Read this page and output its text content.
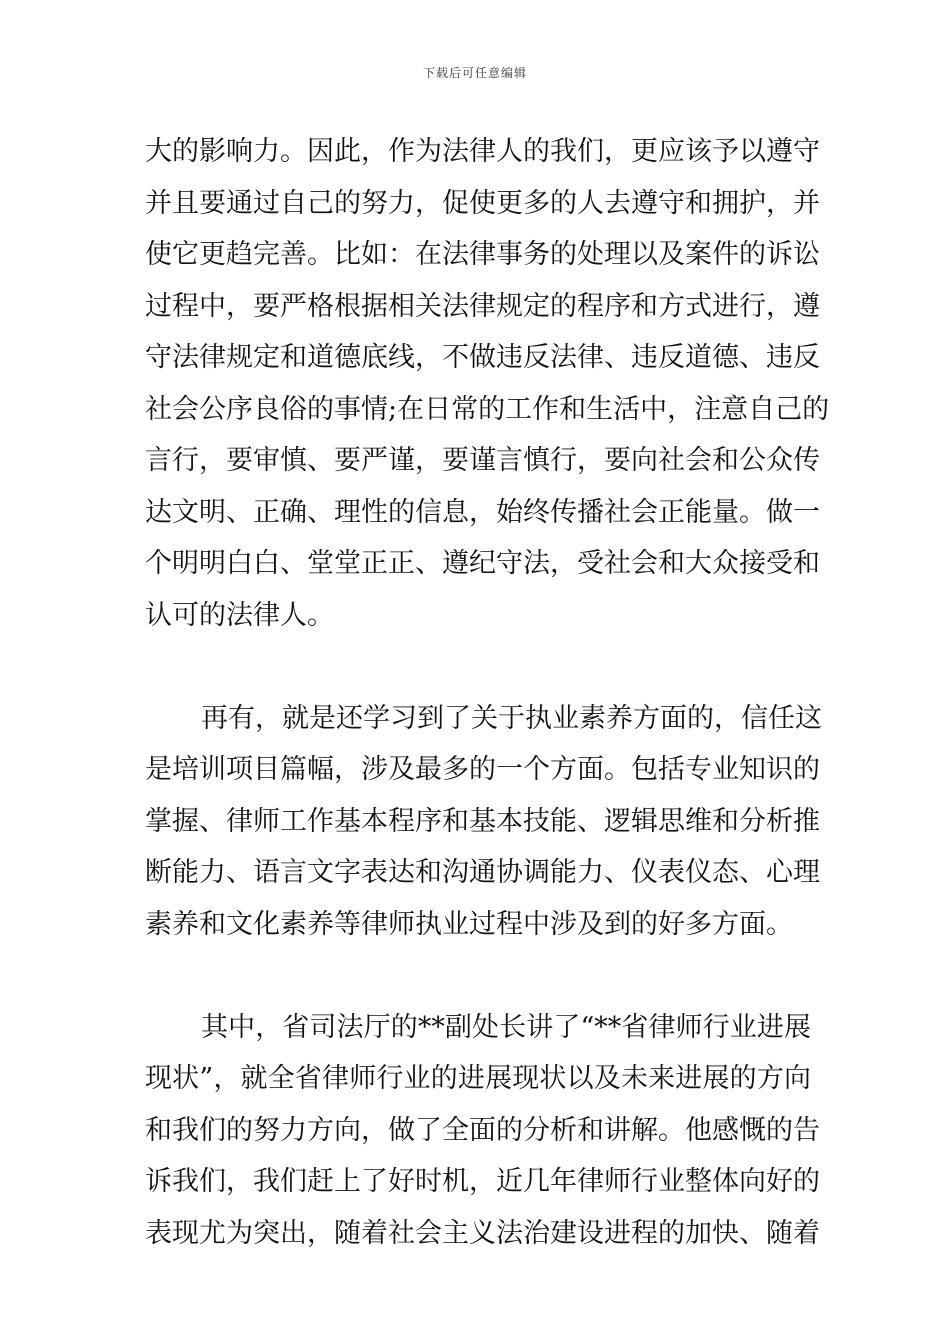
下载后可任意编辑
大的影响力。因此，作为法律人的我们，更应该予以遵守
并且要通过自己的努力，促使更多的人去遵守和拥护，并
使它更趋完善。比如：在法律事务的处理以及案件的诉讼
过程中，要严格根据相关法律规定的程序和方式进行，遵
守法律规定和道德底线，不做违反法律、违反道德、违反
社会公序良俗的事情;在日常的工作和生活中，注意自己的
言行，要审慎、要严谨，要谨言慎行，要向社会和公众传
达文明、正确、理性的信息，始终传播社会正能量。做一
个明明白白、堂堂正正、遵纪守法，受社会和大众接受和
认可的法律人。
再有，就是还学习到了关于执业素养方面的，信任这
是培训项目篇幅，涉及最多的一个方面。包括专业知识的
掌握、律师工作基本程序和基本技能、逻辑思维和分析推
断能力、语言文字表达和沟通协调能力、仪表仪态、心理
素养和文化素养等律师执业过程中涉及到的好多方面。
其中，省司法厅的**副处长讲了“**省律师行业进展
现状”，就全省律师行业的进展现状以及未来进展的方向
和我们的努力方向，做了全面的分析和讲解。他感慨的告
诉我们，我们赶上了好时机，近几年律师行业整体向好的
表现尤为突出，随着社会主义法治建设进程的加快、随着
